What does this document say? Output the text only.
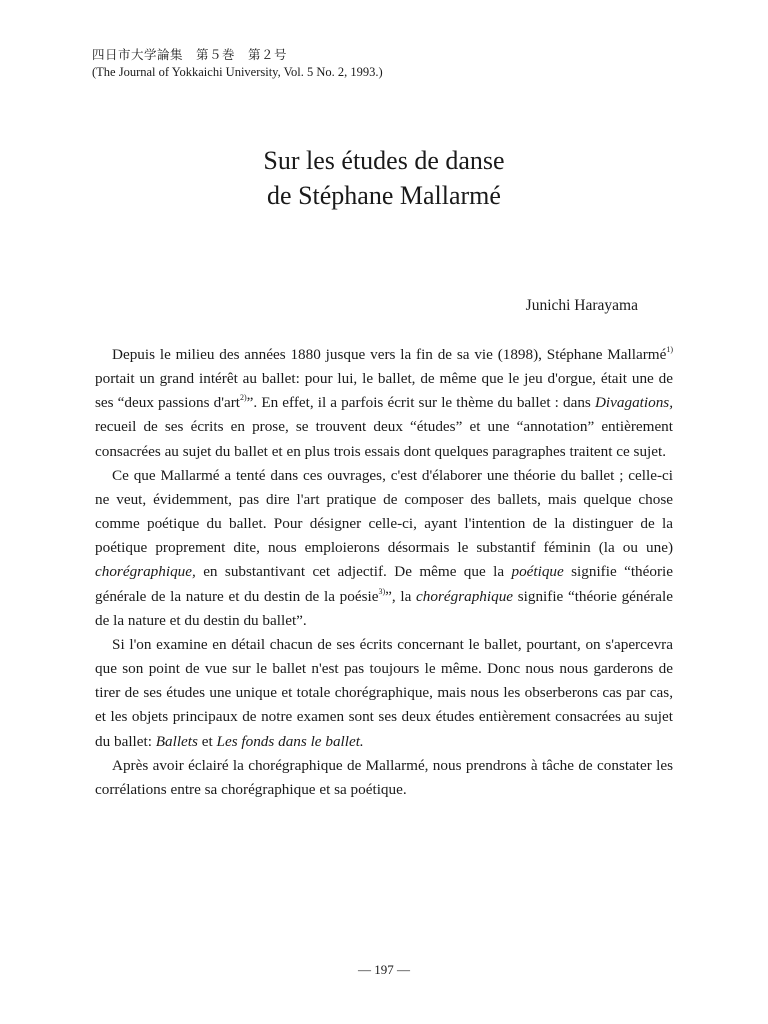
四日市大学論集　第５巻　第２号
(The Journal of Yokkaichi University, Vol. 5 No. 2, 1993.)
Sur les études de danse
de Stéphane Mallarmé
Junichi Harayama

Depuis le milieu des années 1880 jusque vers la fin de sa vie (1898), Stéphane Mallarmé$^{1)}$ portait un grand intérêt au ballet: pour lui, le ballet, de même que le jeu d'orgue, était une de ses “deux passions d'art$^{2)}$”. En effet, il a parfois écrit sur le thème du ballet : dans Divagations, recueil de ses écrits en prose, se trouvent deux “études” et une “annotation” entièrement consacrées au sujet du ballet et en plus trois essais dont quelques paragraphes traitent ce sujet.

Ce que Mallarmé a tenté dans ces ouvrages, c'est d'élaborer une théorie du ballet ; celle-ci ne veut, évidemment, pas dire l'art pratique de composer des ballets, mais quelque chose comme poétique du ballet. Pour désigner celle-ci, ayant l'intention de la distinguer de la poétique proprement dite, nous emploierons désormais le substantif féminin (la ou une) chorégraphique, en substantivant cet adjectif. De même que la poétique signifie “théorie générale de la nature et du destin de la poésie$^{3)}$”, la chorégraphique signifie “théorie générale de la nature et du destin du ballet”.

Si l'on examine en détail chacun de ses écrits concernant le ballet, pourtant, on s'apercevra que son point de vue sur le ballet n'est pas toujours le même. Donc nous nous garderons de tirer de ses études une unique et totale chorégraphique, mais nous les obserberons cas par cas, et les objets principaux de notre examen sont ses deux études entièrement consacrées au sujet du ballet: Ballets et Les fonds dans le ballet.

Après avoir éclairé la chorégraphique de Mallarmé, nous prendrons à tâche de constater les corrélations entre sa chorégraphique et sa poétique.

— 197 —
